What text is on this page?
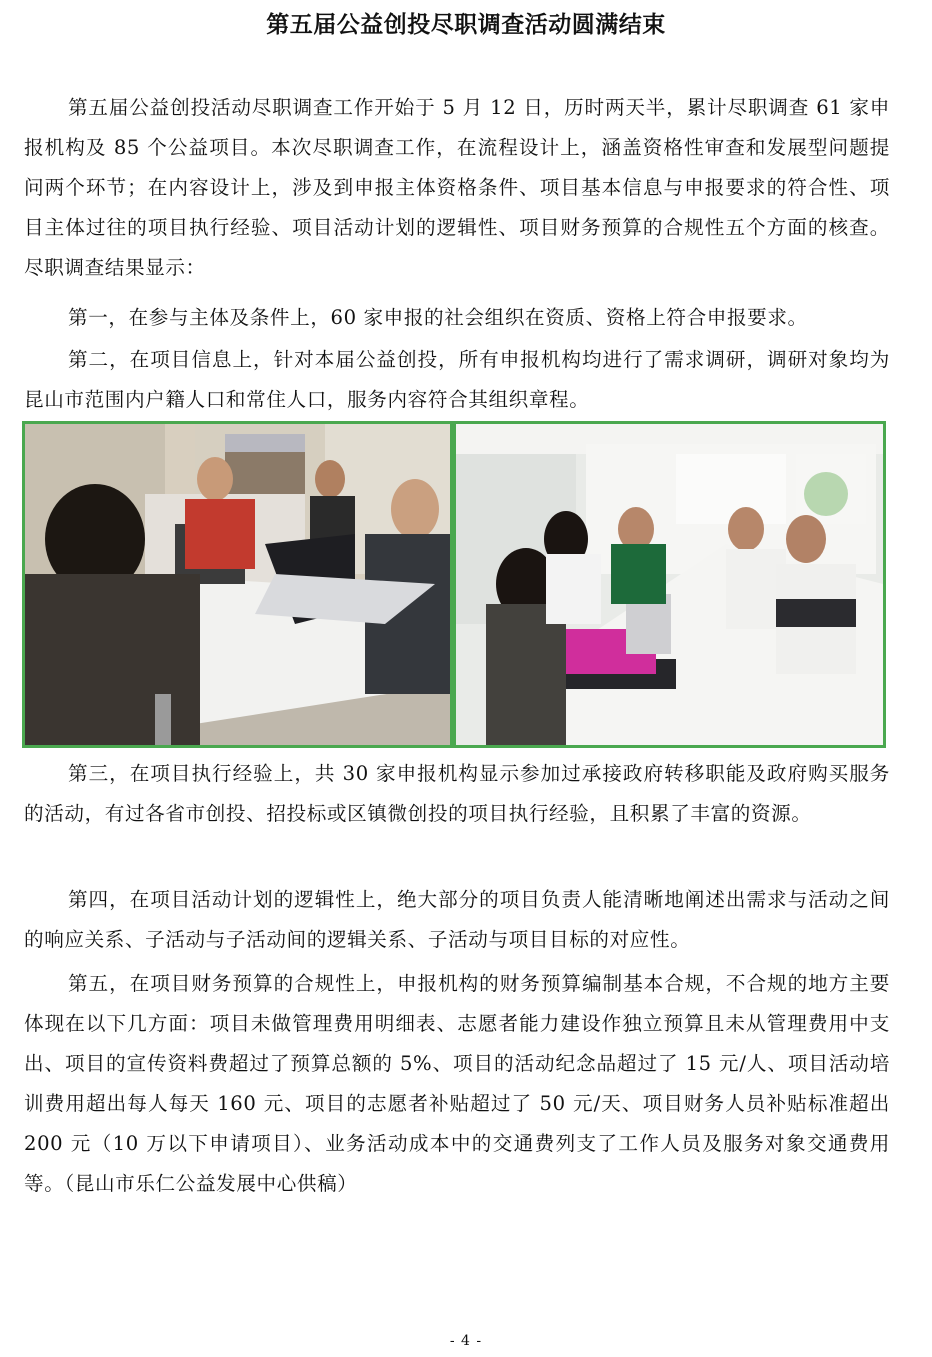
第五届公益创投尽职调查活动圆满结束

第五届公益创投活动尽职调查工作开始于 5 月 12 日，历时两天半，累计尽职调查 61 家申报机构及 85 个公益项目。本次尽职调查工作，在流程设计上，涵盖资格性审查和发展型问题提问两个环节；在内容设计上，涉及到申报主体资格条件、项目基本信息与申报要求的符合性、项目主体过往的项目执行经验、项目活动计划的逻辑性、项目财务预算的合规性五个方面的核查。尽职调查结果显示：

第一，在参与主体及条件上，60 家申报的社会组织在资质、资格上符合申报要求。

第二，在项目信息上，针对本届公益创投，所有申报机构均进行了需求调研，调研对象均为昆山市范围内户籍人口和常住人口，服务内容符合其组织章程。

第三，在项目执行经验上，共 30 家申报机构显示参加过承接政府转移职能及政府购买服务的活动，有过各省市创投、招投标或区镇微创投的项目执行经验，且积累了丰富的资源。

第四，在项目活动计划的逻辑性上，绝大部分的项目负责人能清晰地阐述出需求与活动之间的响应关系、子活动与子活动间的逻辑关系、子活动与项目目标的对应性。

第五，在项目财务预算的合规性上，申报机构的财务预算编制基本合规，不合规的地方主要体现在以下几方面：项目未做管理费用明细表、志愿者能力建设作独立预算且未从管理费用中支出、项目的宣传资料费超过了预算总额的 5%、项目的活动纪念品超过了 15 元/人、项目活动培训费用超出每人每天 160 元、项目的志愿者补贴超过了 50 元/天、项目财务人员补贴标准超出 200 元（10 万以下申请项目）、业务活动成本中的交通费列支了工作人员及服务对象交通费用等。（昆山市乐仁公益发展中心供稿）

- 4 -
